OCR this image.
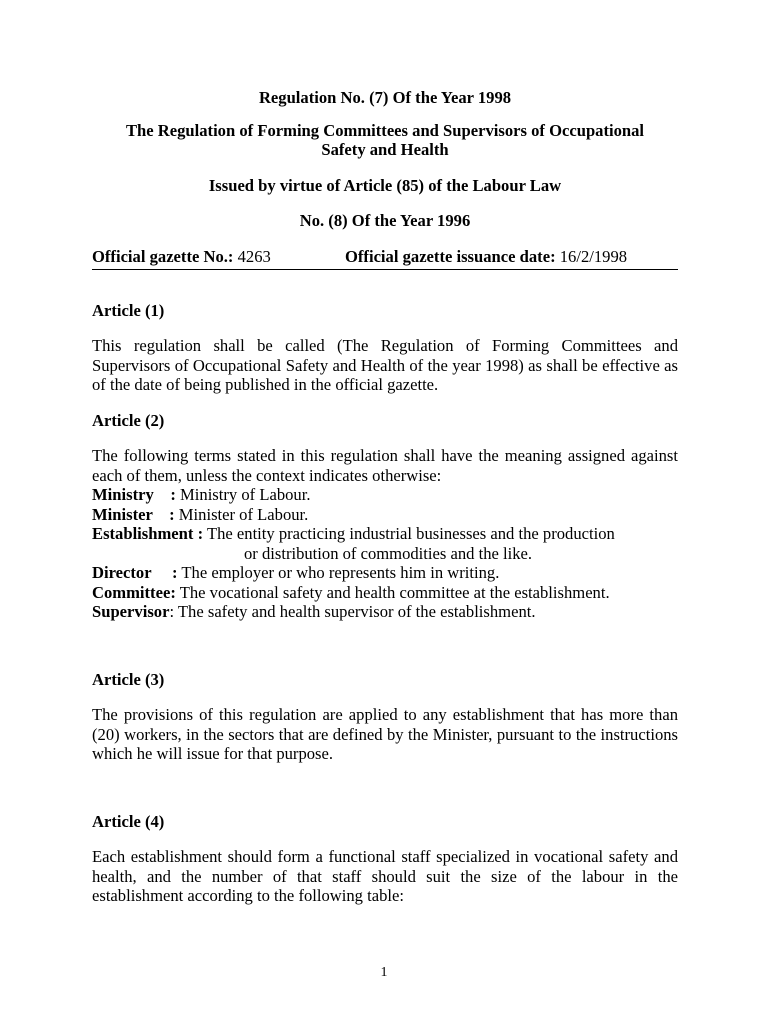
Regulation No. (7) Of the Year 1998

The Regulation of Forming Committees and Supervisors of Occupational
Safety and Health

Issued by virtue of Article (85) of the Labour Law

No. (8) Of the Year 1996

Official gazette No.: 4263	Official gazette issuance date: 16/2/1998

Article (1)

This regulation shall be called (The Regulation of Forming Committees and Supervisors of Occupational Safety and Health of the year 1998) as shall be effective as of the date of being published in the official gazette.

Article (2)

The following terms stated in this regulation shall have the meaning assigned against each of them, unless the context indicates otherwise:

Ministry    : Ministry of Labour.

Minister    : Minister of Labour.

Establishment : The entity practicing industrial businesses and the production
or distribution of commodities and the like.

Director     : The employer or who represents him in writing.

Committee: The vocational safety and health committee at the establishment.

Supervisor: The safety and health supervisor of the establishment.

Article (3)

The provisions of this regulation are applied to any establishment that has more than (20) workers, in the sectors that are defined by the Minister, pursuant to the instructions which he will issue for that purpose.

Article (4)

Each establishment should form a functional staff specialized in vocational safety and health, and the number of that staff should suit the size of the labour in the establishment according to the following table:

1
